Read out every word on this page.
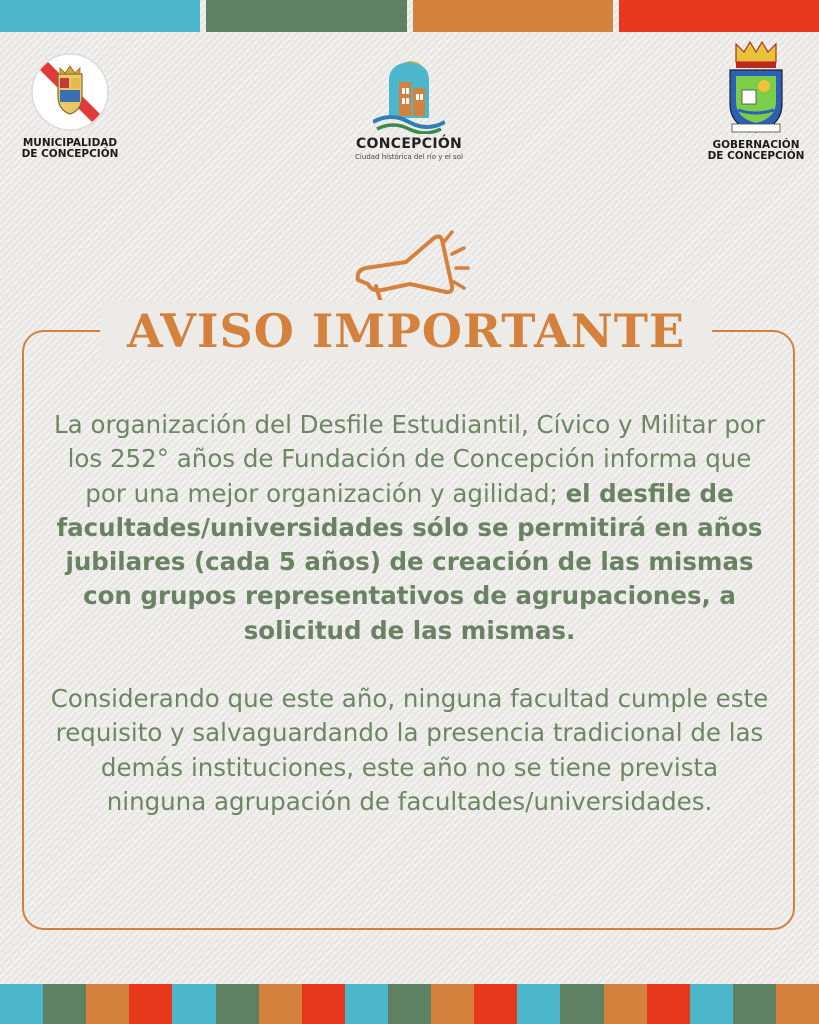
MUNICIPALIDAD
DE CONCEPCIÓN
CONCEPCIÓN
Ciudad histórica del río y el sol
GOBERNACIÓN
DE CONCEPCIÓN
AVISO IMPORTANTE

La organización del Desfile Estudiantil, Cívico y Militar por los 252° años de Fundación de Concepción informa que por una mejor organización y agilidad; el desfile de facultades/universidades sólo se permitirá en años jubilares (cada 5 años) de creación de las mismas con grupos representativos de agrupaciones, a solicitud de las mismas.

Considerando que este año, ninguna facultad cumple este requisito y salvaguardando la presencia tradicional de las demás instituciones, este año no se tiene prevista ninguna agrupación de facultades/universidades.
